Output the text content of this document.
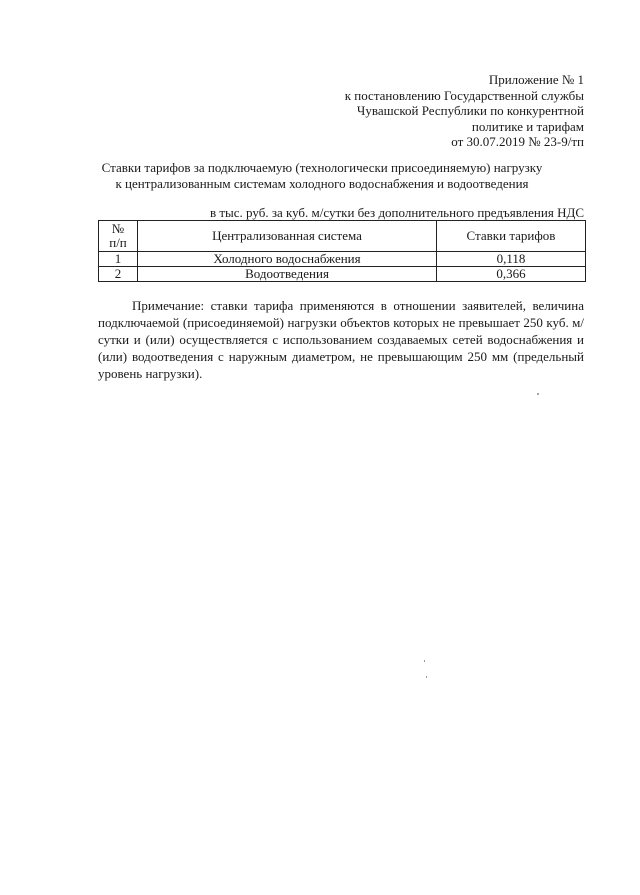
Приложение № 1
к постановлению Государственной службы
Чувашской Республики по конкурентной
политике и тарифам
от 30.07.2019 № 23-9/тп
Ставки тарифов за подключаемую (технологически присоединяемую) нагрузку
к централизованным системам холодного водоснабжения и водоотведения
в тыс. руб. за куб. м/сутки без дополнительного предъявления НДС
№
п/п	Централизованная система	Ставки тарифов
1	Холодного водоснабжения	0,118
2	Водоотведения	0,366

Примечание: ставки тарифа применяются в отношении заявителей, величина подключаемой (присоединяемой) нагрузки объектов которых не превышает 250 куб. м/сутки и (или) осуществляется с использованием создаваемых сетей водоснабжения и (или) водоотведения с наружным диаметром, не превышающим 250 мм (предельный уровень нагрузки).
